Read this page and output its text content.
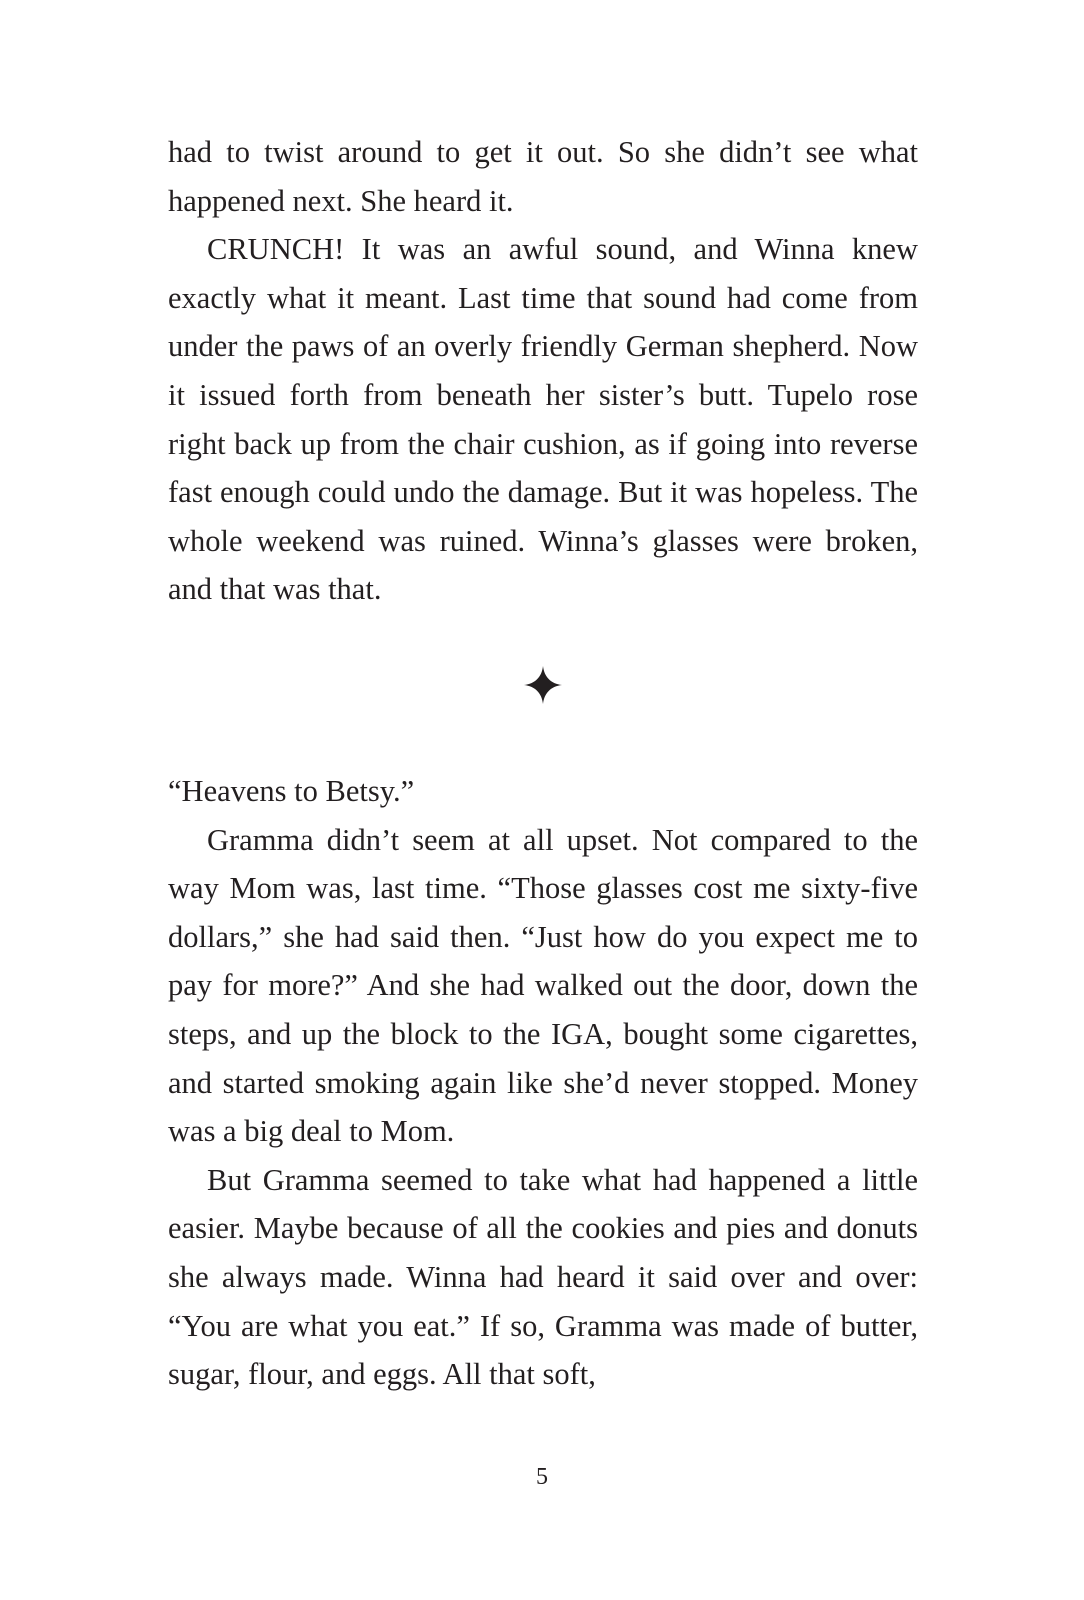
had to twist around to get it out. So she didn’t see what happened next. She heard it.

CRUNCH! It was an awful sound, and Winna knew exactly what it meant. Last time that sound had come from under the paws of an overly friendly German shepherd. Now it issued forth from beneath her sister’s butt. Tupelo rose right back up from the chair cushion, as if going into reverse fast enough could undo the damage. But it was hopeless. The whole weekend was ruined. Winna’s glasses were broken, and that was that.

“Heavens to Betsy.”

Gramma didn’t seem at all upset. Not compared to the way Mom was, last time. “Those glasses cost me sixty-five dollars,” she had said then. “Just how do you expect me to pay for more?” And she had walked out the door, down the steps, and up the block to the IGA, bought some cigarettes, and started smoking again like she’d never stopped. Money was a big deal to Mom.

But Gramma seemed to take what had happened a little easier. Maybe because of all the cookies and pies and donuts she always made. Winna had heard it said over and over: “You are what you eat.” If so, Gramma was made of butter, sugar, flour, and eggs. All that soft,

5
